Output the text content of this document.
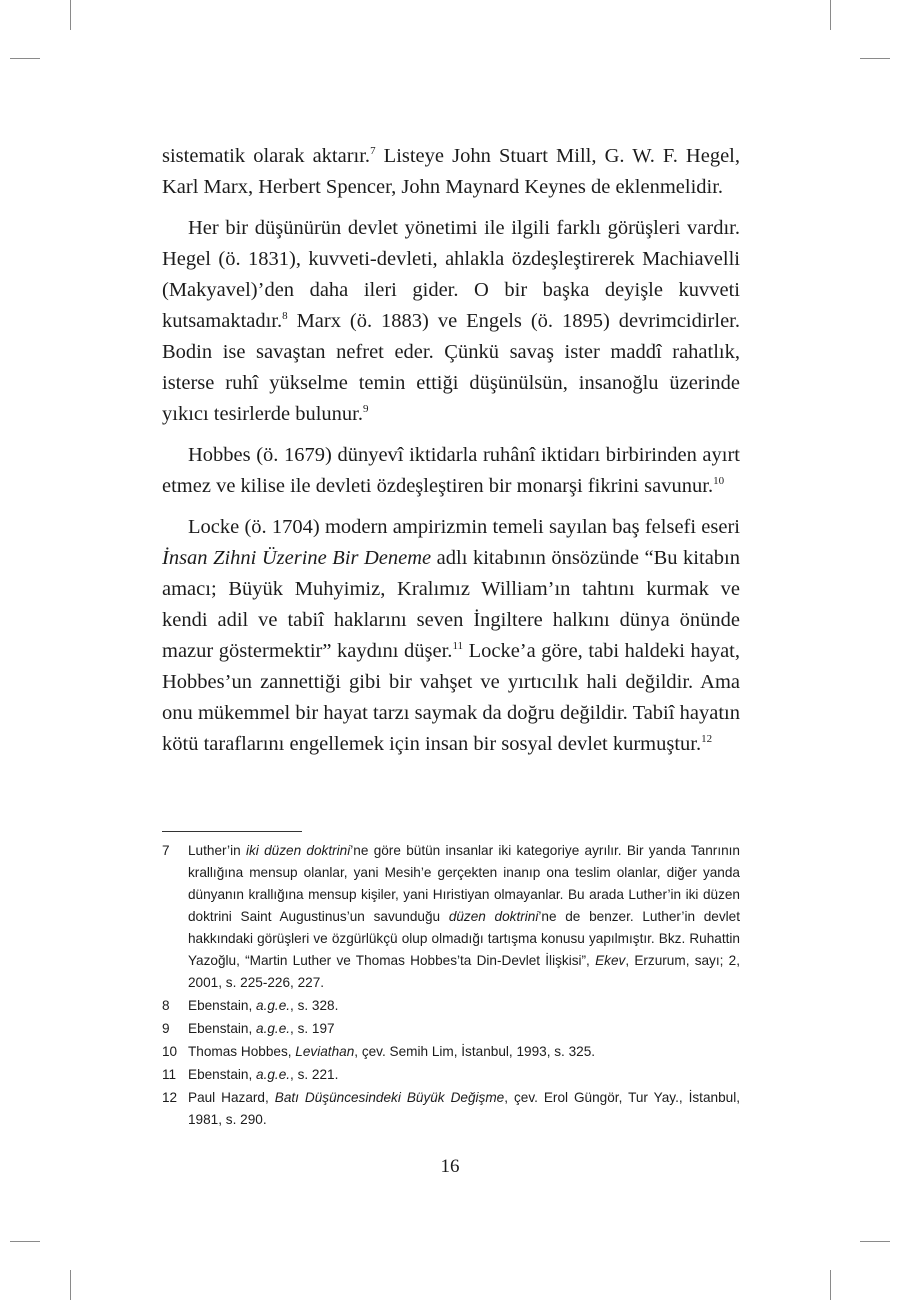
sistematik olarak aktarır.$^7$ Listeye John Stuart Mill, G. W. F. Hegel, Karl Marx, Herbert Spencer, John Maynard Keynes de eklenmelidir.

Her bir düşünürün devlet yönetimi ile ilgili farklı görüşleri vardır. Hegel (ö. 1831), kuvveti-devleti, ahlakla özdeşleştirerek Machiavelli (Makyavel)’den daha ileri gider. O bir başka deyişle kuvveti kutsamaktadır.$^8$ Marx (ö. 1883) ve Engels (ö. 1895) devrimcidirler. Bodin ise savaştan nefret eder. Çünkü savaş ister maddî rahatlık, isterse ruhî yükselme temin ettiği düşünülsün, insanoğlu üzerinde yıkıcı tesirlerde bulunur.$^9$

Hobbes (ö. 1679) dünyevî iktidarla ruhânî iktidarı birbirinden ayırt etmez ve kilise ile devleti özdeşleştiren bir monarşi fikrini savunur.$^{10}$

Locke (ö. 1704) modern ampirizmin temeli sayılan baş felsefi eseri İnsan Zihni Üzerine Bir Deneme adlı kitabının önsözünde “Bu kitabın amacı; Büyük Muhyimiz, Kralımız William’ın tahtını kurmak ve kendi adil ve tabiî haklarını seven İngiltere halkını dünya önünde mazur göstermektir” kaydını düşer.$^{11}$ Locke’a göre, tabi haldeki hayat, Hobbes’un zannettiği gibi bir vahşet ve yırtıcılık hali değildir. Ama onu mükemmel bir hayat tarzı saymak da doğru değildir. Tabiî hayatın kötü taraflarını engellemek için insan bir sosyal devlet kurmuştur.$^{12}$

7	Luther’in iki düzen doktrini’ne göre bütün insanlar iki kategoriye ayrılır. Bir yanda Tanrının krallığına mensup olanlar, yani Mesih’e gerçekten inanıp ona teslim olanlar, diğer yanda dünyanın krallığına mensup kişiler, yani Hıristiyan olmayanlar. Bu arada Luther’in iki düzen doktrini Saint Augustinus’un savunduğu düzen doktrini’ne de benzer. Luther’in devlet hakkındaki görüşleri ve özgürlükçü olup olmadığı tartışma konusu yapılmıştır. Bkz. Ruhattin Yazoğlu, “Martin Luther ve Thomas Hobbes’ta Din-Devlet İlişkisi”, Ekev, Erzurum, sayı; 2, 2001, s. 225-226, 227.
8	Ebenstain, a.g.e., s. 328.
9	Ebenstain, a.g.e., s. 197
10 Thomas Hobbes, Leviathan, çev. Semih Lim, İstanbul, 1993, s. 325.
11 Ebenstain, a.g.e., s. 221.
12 Paul Hazard, Batı Düşüncesindeki Büyük Değişme, çev. Erol Güngör, Tur Yay., İstanbul, 1981, s. 290.
16
